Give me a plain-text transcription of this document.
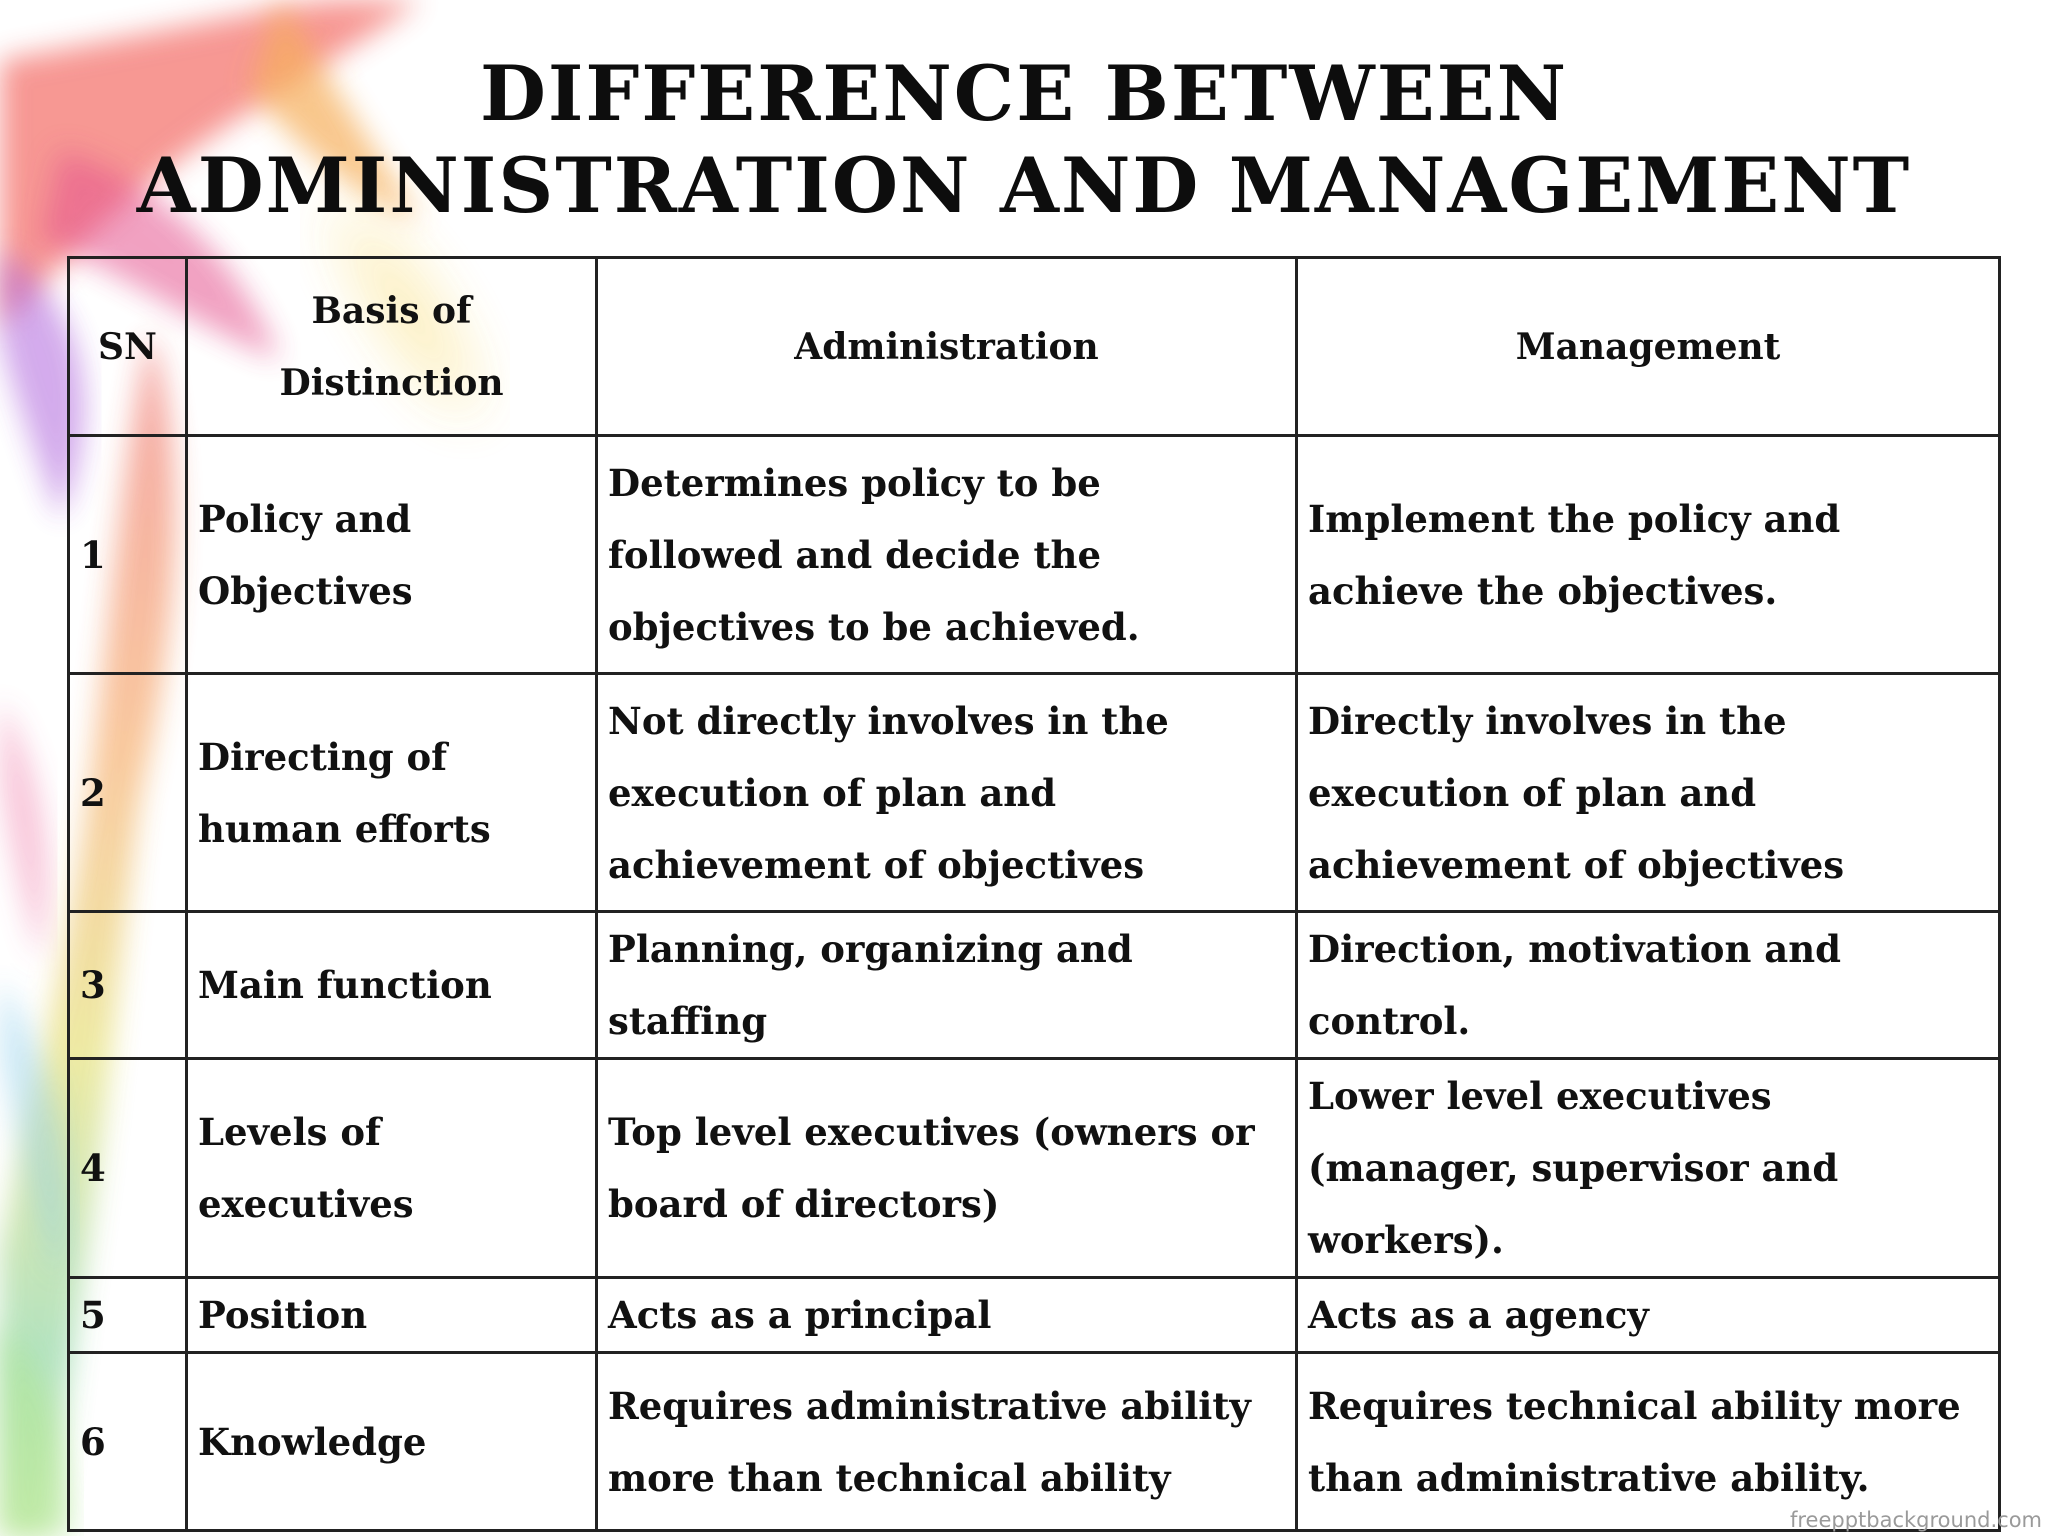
DIFFERENCE BETWEEN
ADMINISTRATION AND MANAGEMENT
SN	Basis of Distinction	Administration	Management
1	Policy and Objectives	Determines policy to be followed and decide the objectives to be achieved.	Implement the policy and achieve the objectives.
2	Directing of human efforts	Not directly involves in the execution of plan and achievement of objectives	Directly involves in the execution of plan and achievement of objectives
3	Main function	Planning, organizing and staffing	Direction, motivation and control.
4	Levels of executives	Top level executives (owners or board of directors)	Lower level executives (manager, supervisor and workers).
5	Position	Acts as a principal	Acts as a agency
6	Knowledge	Requires administrative ability more than technical ability	Requires technical ability more than administrative ability.
freepptbackground.com
